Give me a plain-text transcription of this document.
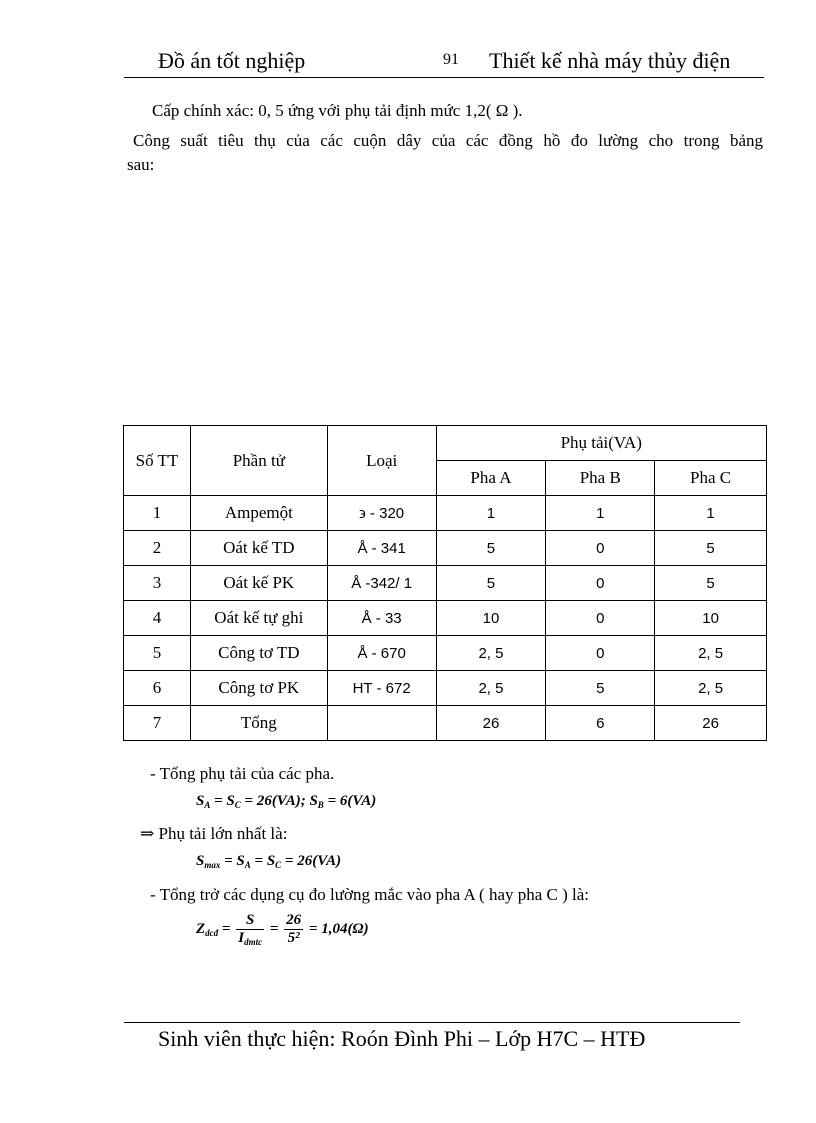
Đồ án tốt nghiệp	91 Thiết kế nhà máy thủy điện
Cấp chính xác: 0, 5 ứng với phụ tải định mức 1,2( Ω ).
Công suất tiêu thụ của các cuộn dây của các đồng hồ đo lường cho trong bảng
sau:
Số TT	Phần tử	Loại	Phụ tải(VA)		
			Pha A	Pha B	Pha C
1	Ampemột	϶ - 320	1	1	1
2	Oát kế TD	Å - 341	5	0	5
3	Oát kế PK	Å -342/ 1	5	0	5
4	Oát kế tự ghi	Å - 33	10	0	10
5	Công tơ TD	Å - 670	2, 5	0	2, 5
6	Công tơ PK	HT - 672	2, 5	5	2, 5
7	Tổng		26	6	26
- Tổng phụ tải của các pha.
$S_A = S_C = 26(VA)$; $S_B = 6(VA)$
⇒ Phụ tải lớn nhất là:
$S_{max} = S_A = S_C = 26(VA)$
- Tổng trở các dụng cụ đo lường mắc vào pha A ( hay pha C ) là:
$Z_{dcđ} = \frac{S}{I_{dmtc}} = \frac{26}{\text{5²}} = 1,04(\Omega)$
Sinh viên thực hiện: Roón Đình Phi – Lớp H7C – HTĐ
